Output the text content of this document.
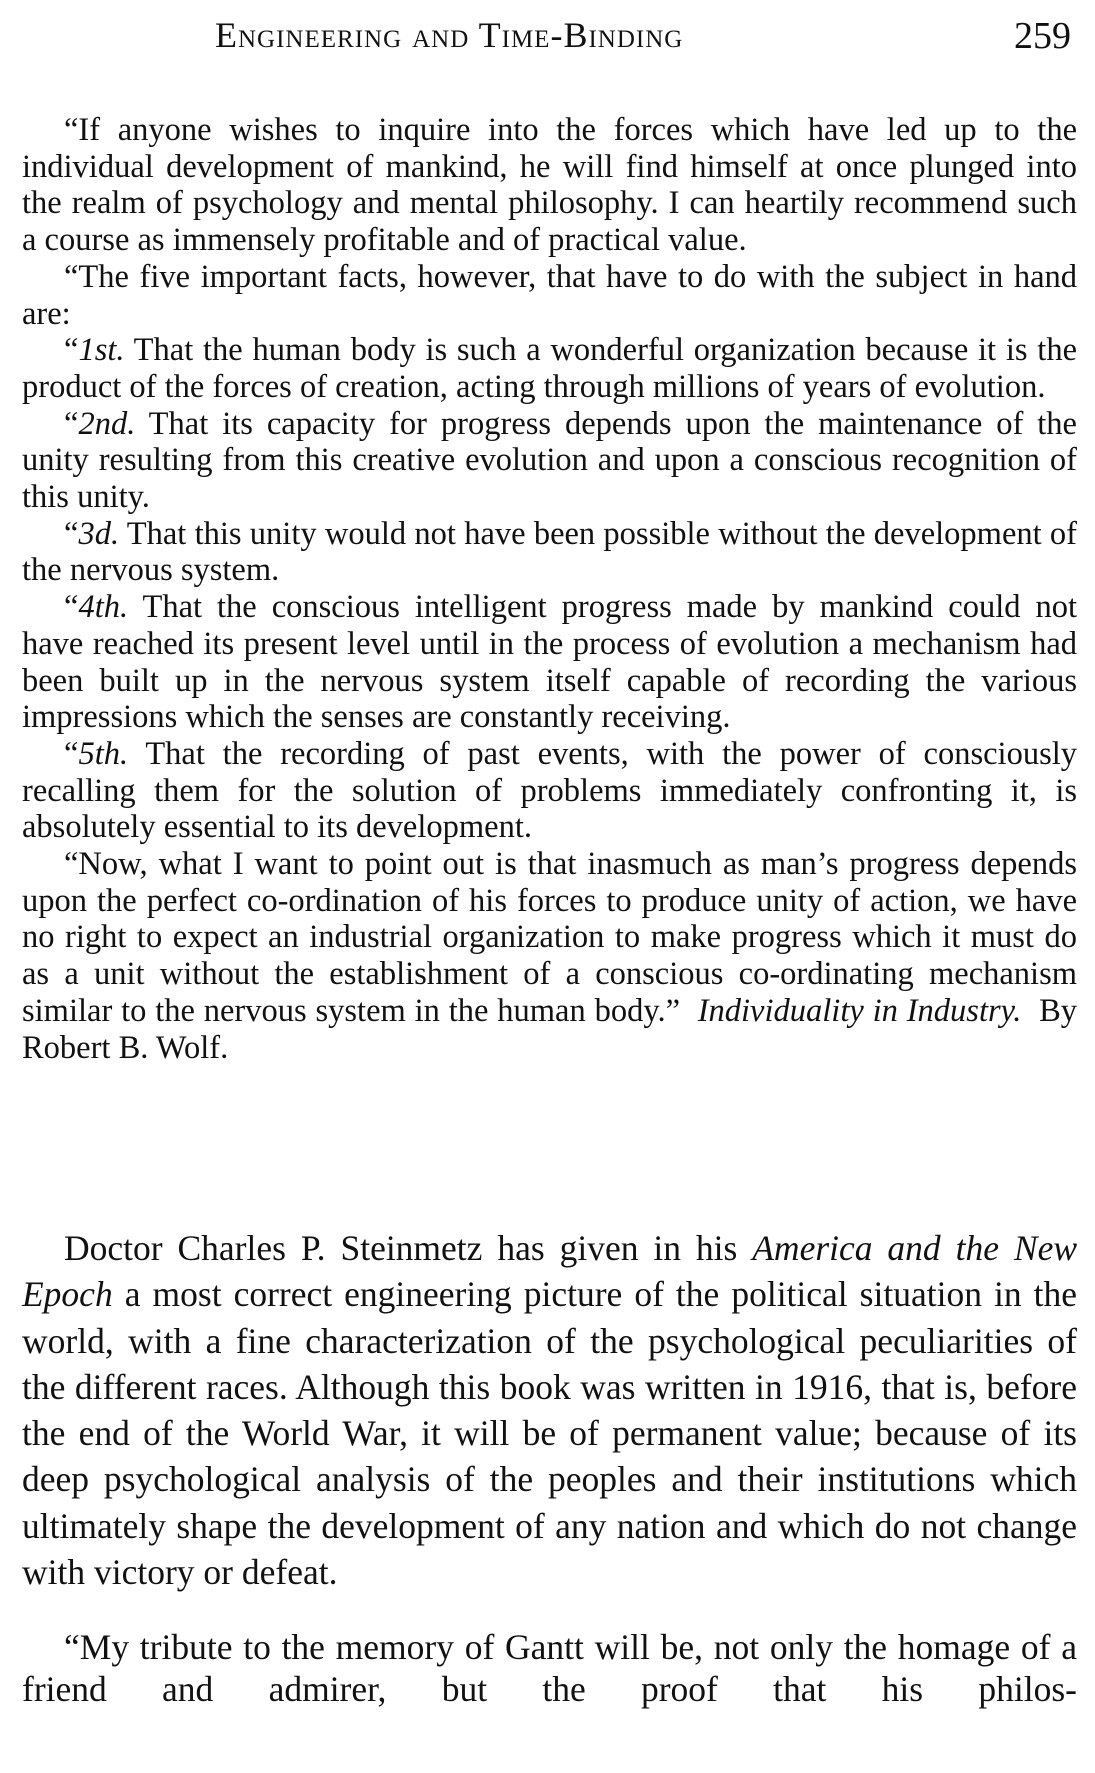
Engineering and Time-Binding	259

“If anyone wishes to inquire into the forces which have led up to the individual development of mankind, he will find himself at once plunged into the realm of psychology and mental philosophy. I can heartily recommend such a course as immensely profitable and of practical value.

“The five important facts, however, that have to do with the subject in hand are:

“1st. That the human body is such a wonderful organization because it is the product of the forces of creation, acting through millions of years of evolution.

“2nd. That its capacity for progress depends upon the maintenance of the unity resulting from this creative evolution and upon a conscious recognition of this unity.

“3d. That this unity would not have been possible without the development of the nervous system.

“4th. That the conscious intelligent progress made by mankind could not have reached its present level until in the process of evolution a mechanism had been built up in the nervous system itself capable of recording the various impressions which the senses are constantly receiving.

“5th. That the recording of past events, with the power of consciously recalling them for the solution of problems immediately confronting it, is absolutely essential to its development.

“Now, what I want to point out is that inasmuch as man’s progress depends upon the perfect co-ordination of his forces to produce unity of action, we have no right to expect an industrial organization to make progress which it must do as a unit without the establishment of a conscious co-ordinating mechanism similar to the nervous system in the human body.” Individuality in Industry. By Robert B. Wolf.

Doctor Charles P. Steinmetz has given in his America and the New Epoch a most correct engineering picture of the political situation in the world, with a fine characterization of the psychological peculiarities of the different races. Although this book was written in 1916, that is, before the end of the World War, it will be of permanent value; because of its deep psychological analysis of the peoples and their institutions which ultimately shape the development of any nation and which do not change with victory or defeat.

“My tribute to the memory of Gantt will be, not only the homage of a friend and admirer, but the proof that his philos-
